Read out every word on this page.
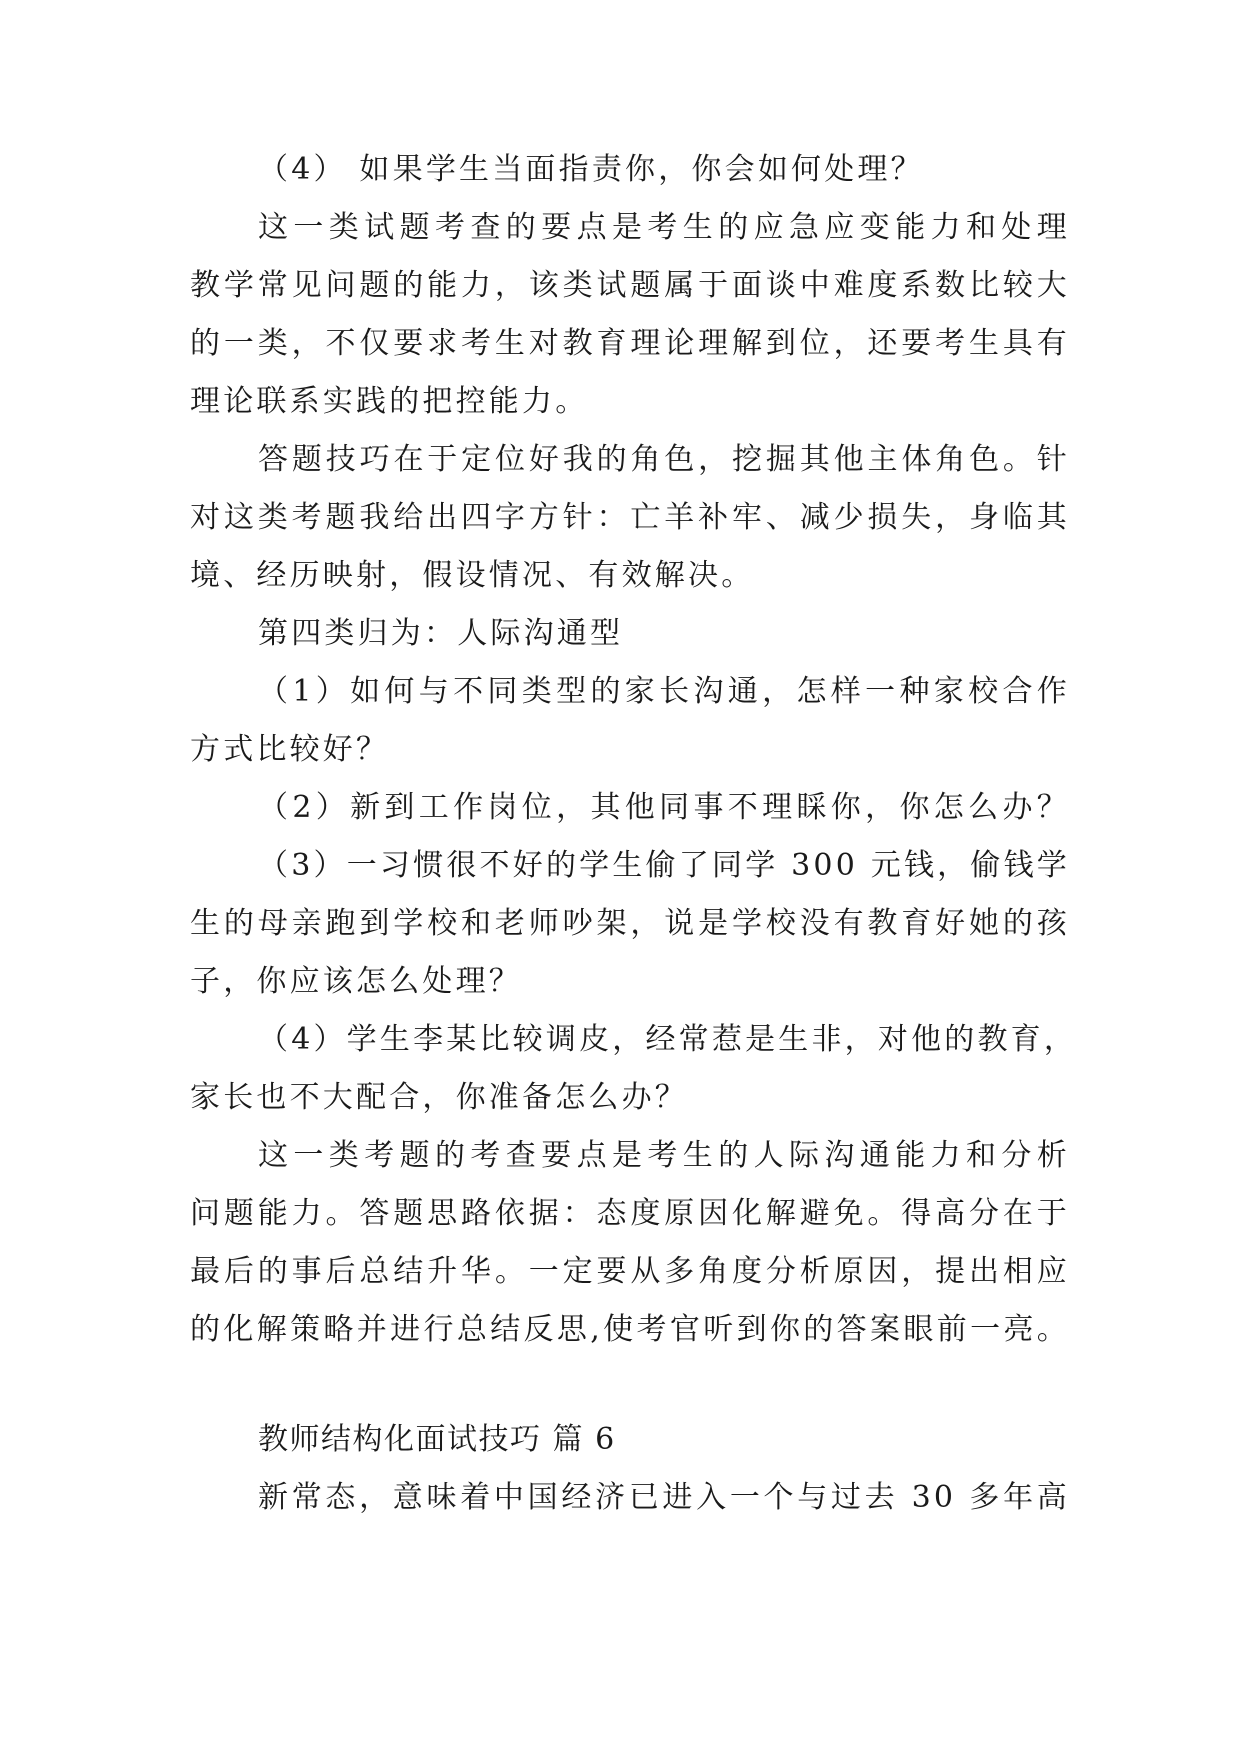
（4） 如果学生当面指责你，你会如何处理？
这一类试题考查的要点是考生的应急应变能力和处理
教学常见问题的能力，该类试题属于面谈中难度系数比较大
的一类，不仅要求考生对教育理论理解到位，还要考生具有
理论联系实践的把控能力。
答题技巧在于定位好我的角色，挖掘其他主体角色。针
对这类考题我给出四字方针：亡羊补牢、减少损失，身临其
境、经历映射，假设情况、有效解决。
第四类归为：人际沟通型
（1）如何与不同类型的家长沟通，怎样一种家校合作
方式比较好？
（2）新到工作岗位，其他同事不理睬你，你怎么办？
（3）一习惯很不好的学生偷了同学 300 元钱，偷钱学
生的母亲跑到学校和老师吵架，说是学校没有教育好她的孩
子，你应该怎么处理？
（4）学生李某比较调皮，经常惹是生非，对他的教育，
家长也不大配合，你准备怎么办？
这一类考题的考查要点是考生的人际沟通能力和分析
问题能力。答题思路依据：态度原因化解避免。得高分在于
最后的事后总结升华。一定要从多角度分析原因，提出相应
的化解策略并进行总结反思,使考官听到你的答案眼前一亮。
教师结构化面试技巧 篇 6
新常态，意味着中国经济已进入一个与过去 30 多年高
